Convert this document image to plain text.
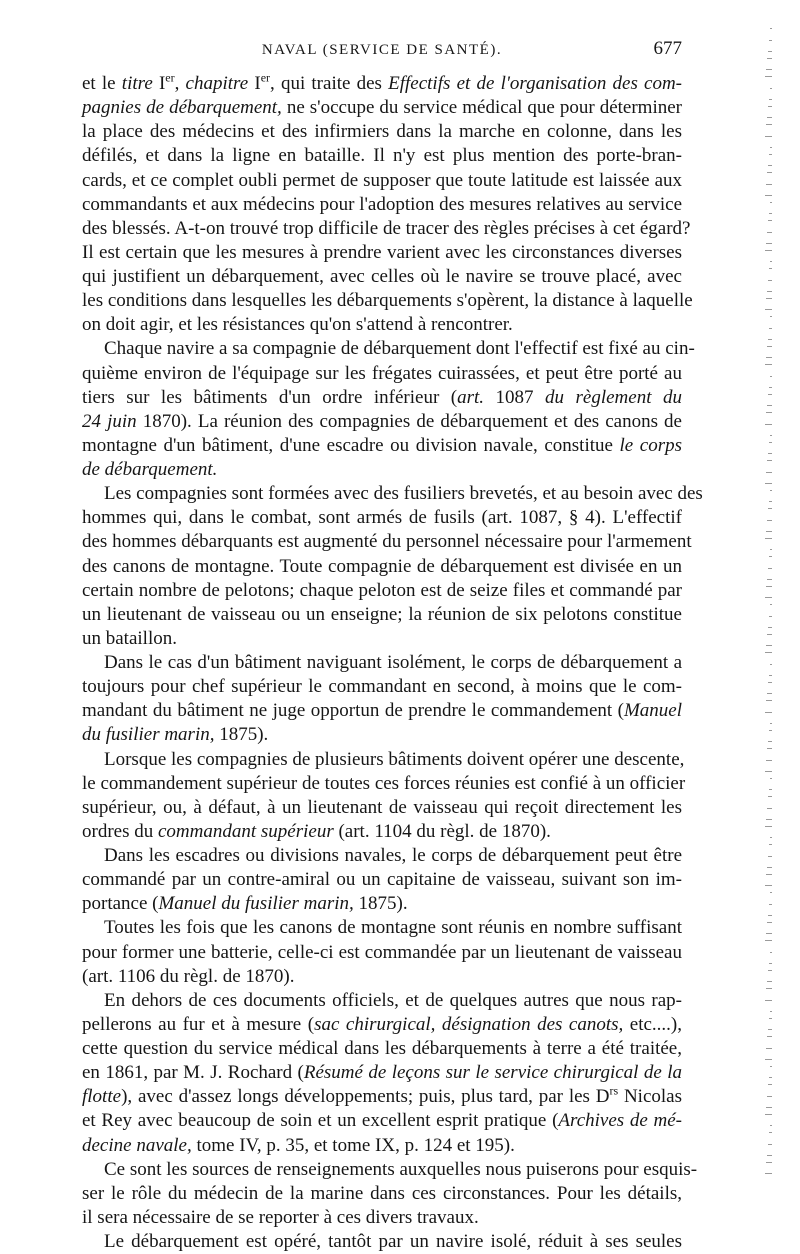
NAVAL (SERVICE DE SANTÉ).	677
et le titre Ier, chapitre Ier, qui traite des Effectifs et de l'organisation des com-
pagnies de débarquement, ne s'occupe du service médical que pour déterminer
la place des médecins et des infirmiers dans la marche en colonne, dans les
défilés, et dans la ligne en bataille. Il n'y est plus mention des porte-bran-
cards, et ce complet oubli permet de supposer que toute latitude est laissée aux
commandants et aux médecins pour l'adoption des mesures relatives au service
des blessés. A-t-on trouvé trop difficile de tracer des règles précises à cet égard?
Il est certain que les mesures à prendre varient avec les circonstances diverses
qui justifient un débarquement, avec celles où le navire se trouve placé, avec
les conditions dans lesquelles les débarquements s'opèrent, la distance à laquelle
on doit agir, et les résistances qu'on s'attend à rencontrer.
Chaque navire a sa compagnie de débarquement dont l'effectif est fixé au cin-
quième environ de l'équipage sur les frégates cuirassées, et peut être porté au
tiers sur les bâtiments d'un ordre inférieur (art. 1087 du règlement du
24 juin 1870). La réunion des compagnies de débarquement et des canons de
montagne d'un bâtiment, d'une escadre ou division navale, constitue le corps
de débarquement.
Les compagnies sont formées avec des fusiliers brevetés, et au besoin avec des
hommes qui, dans le combat, sont armés de fusils (art. 1087, § 4). L'effectif
des hommes débarquants est augmenté du personnel nécessaire pour l'armement
des canons de montagne. Toute compagnie de débarquement est divisée en un
certain nombre de pelotons; chaque peloton est de seize files et commandé par
un lieutenant de vaisseau ou un enseigne; la réunion de six pelotons constitue
un bataillon.
Dans le cas d'un bâtiment naviguant isolément, le corps de débarquement a
toujours pour chef supérieur le commandant en second, à moins que le com-
mandant du bâtiment ne juge opportun de prendre le commandement (Manuel
du fusilier marin, 1875).
Lorsque les compagnies de plusieurs bâtiments doivent opérer une descente,
le commandement supérieur de toutes ces forces réunies est confié à un officier
supérieur, ou, à défaut, à un lieutenant de vaisseau qui reçoit directement les
ordres du commandant supérieur (art. 1104 du règl. de 1870).
Dans les escadres ou divisions navales, le corps de débarquement peut être
commandé par un contre-amiral ou un capitaine de vaisseau, suivant son im-
portance (Manuel du fusilier marin, 1875).
Toutes les fois que les canons de montagne sont réunis en nombre suffisant
pour former une batterie, celle-ci est commandée par un lieutenant de vaisseau
(art. 1106 du règl. de 1870).
En dehors de ces documents officiels, et de quelques autres que nous rap-
pellerons au fur et à mesure (sac chirurgical, désignation des canots, etc....),
cette question du service médical dans les débarquements à terre a été traitée,
en 1861, par M. J. Rochard (Résumé de leçons sur le service chirurgical de la
flotte), avec d'assez longs développements; puis, plus tard, par les $D^{rs}$ Nicolas
et Rey avec beaucoup de soin et un excellent esprit pratique (Archives de mé-
decine navale, tome IV, p. 35, et tome IX, p. 124 et 195).
Ce sont les sources de renseignements auxquelles nous puiserons pour esquis-
ser le rôle du médecin de la marine dans ces circonstances. Pour les détails,
il sera nécessaire de se reporter à ces divers travaux.
Le débarquement est opéré, tantôt par un navire isolé, réduit à ses seules
